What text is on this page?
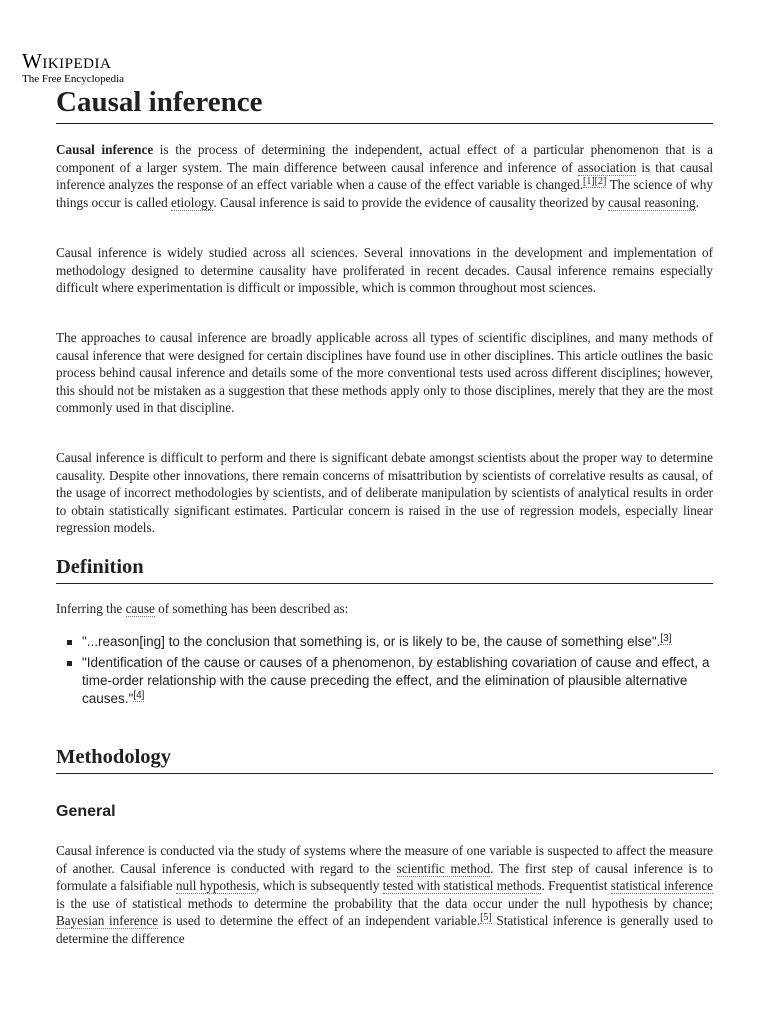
Wikipedia
The Free Encyclopedia
Causal inference

Causal inference is the process of determining the independent, actual effect of a particular phenomenon that is a component of a larger system. The main difference between causal inference and inference of association is that causal inference analyzes the response of an effect variable when a cause of the effect variable is changed.[1][2] The science of why things occur is called etiology. Causal inference is said to provide the evidence of causality theorized by causal reasoning.

Causal inference is widely studied across all sciences. Several innovations in the development and implementation of methodology designed to determine causality have proliferated in recent decades. Causal inference remains especially difficult where experimentation is difficult or impossible, which is common throughout most sciences.

The approaches to causal inference are broadly applicable across all types of scientific disciplines, and many methods of causal inference that were designed for certain disciplines have found use in other disciplines. This article outlines the basic process behind causal inference and details some of the more conventional tests used across different disciplines; however, this should not be mistaken as a suggestion that these methods apply only to those disciplines, merely that they are the most commonly used in that discipline.

Causal inference is difficult to perform and there is significant debate amongst scientists about the proper way to determine causality. Despite other innovations, there remain concerns of misattribution by scientists of correlative results as causal, of the usage of incorrect methodologies by scientists, and of deliberate manipulation by scientists of analytical results in order to obtain statistically significant estimates. Particular concern is raised in the use of regression models, especially linear regression models.

Definition

Inferring the cause of something has been described as:

"...reason[ing] to the conclusion that something is, or is likely to be, the cause of something else".[3]
"Identification of the cause or causes of a phenomenon, by establishing covariation of cause and effect, a time-order relationship with the cause preceding the effect, and the elimination of plausible alternative causes."[4]
Methodology
General

Causal inference is conducted via the study of systems where the measure of one variable is suspected to affect the measure of another. Causal inference is conducted with regard to the scientific method. The first step of causal inference is to formulate a falsifiable null hypothesis, which is subsequently tested with statistical methods. Frequentist statistical inference is the use of statistical methods to determine the probability that the data occur under the null hypothesis by chance; Bayesian inference is used to determine the effect of an independent variable.[5] Statistical inference is generally used to determine the difference
